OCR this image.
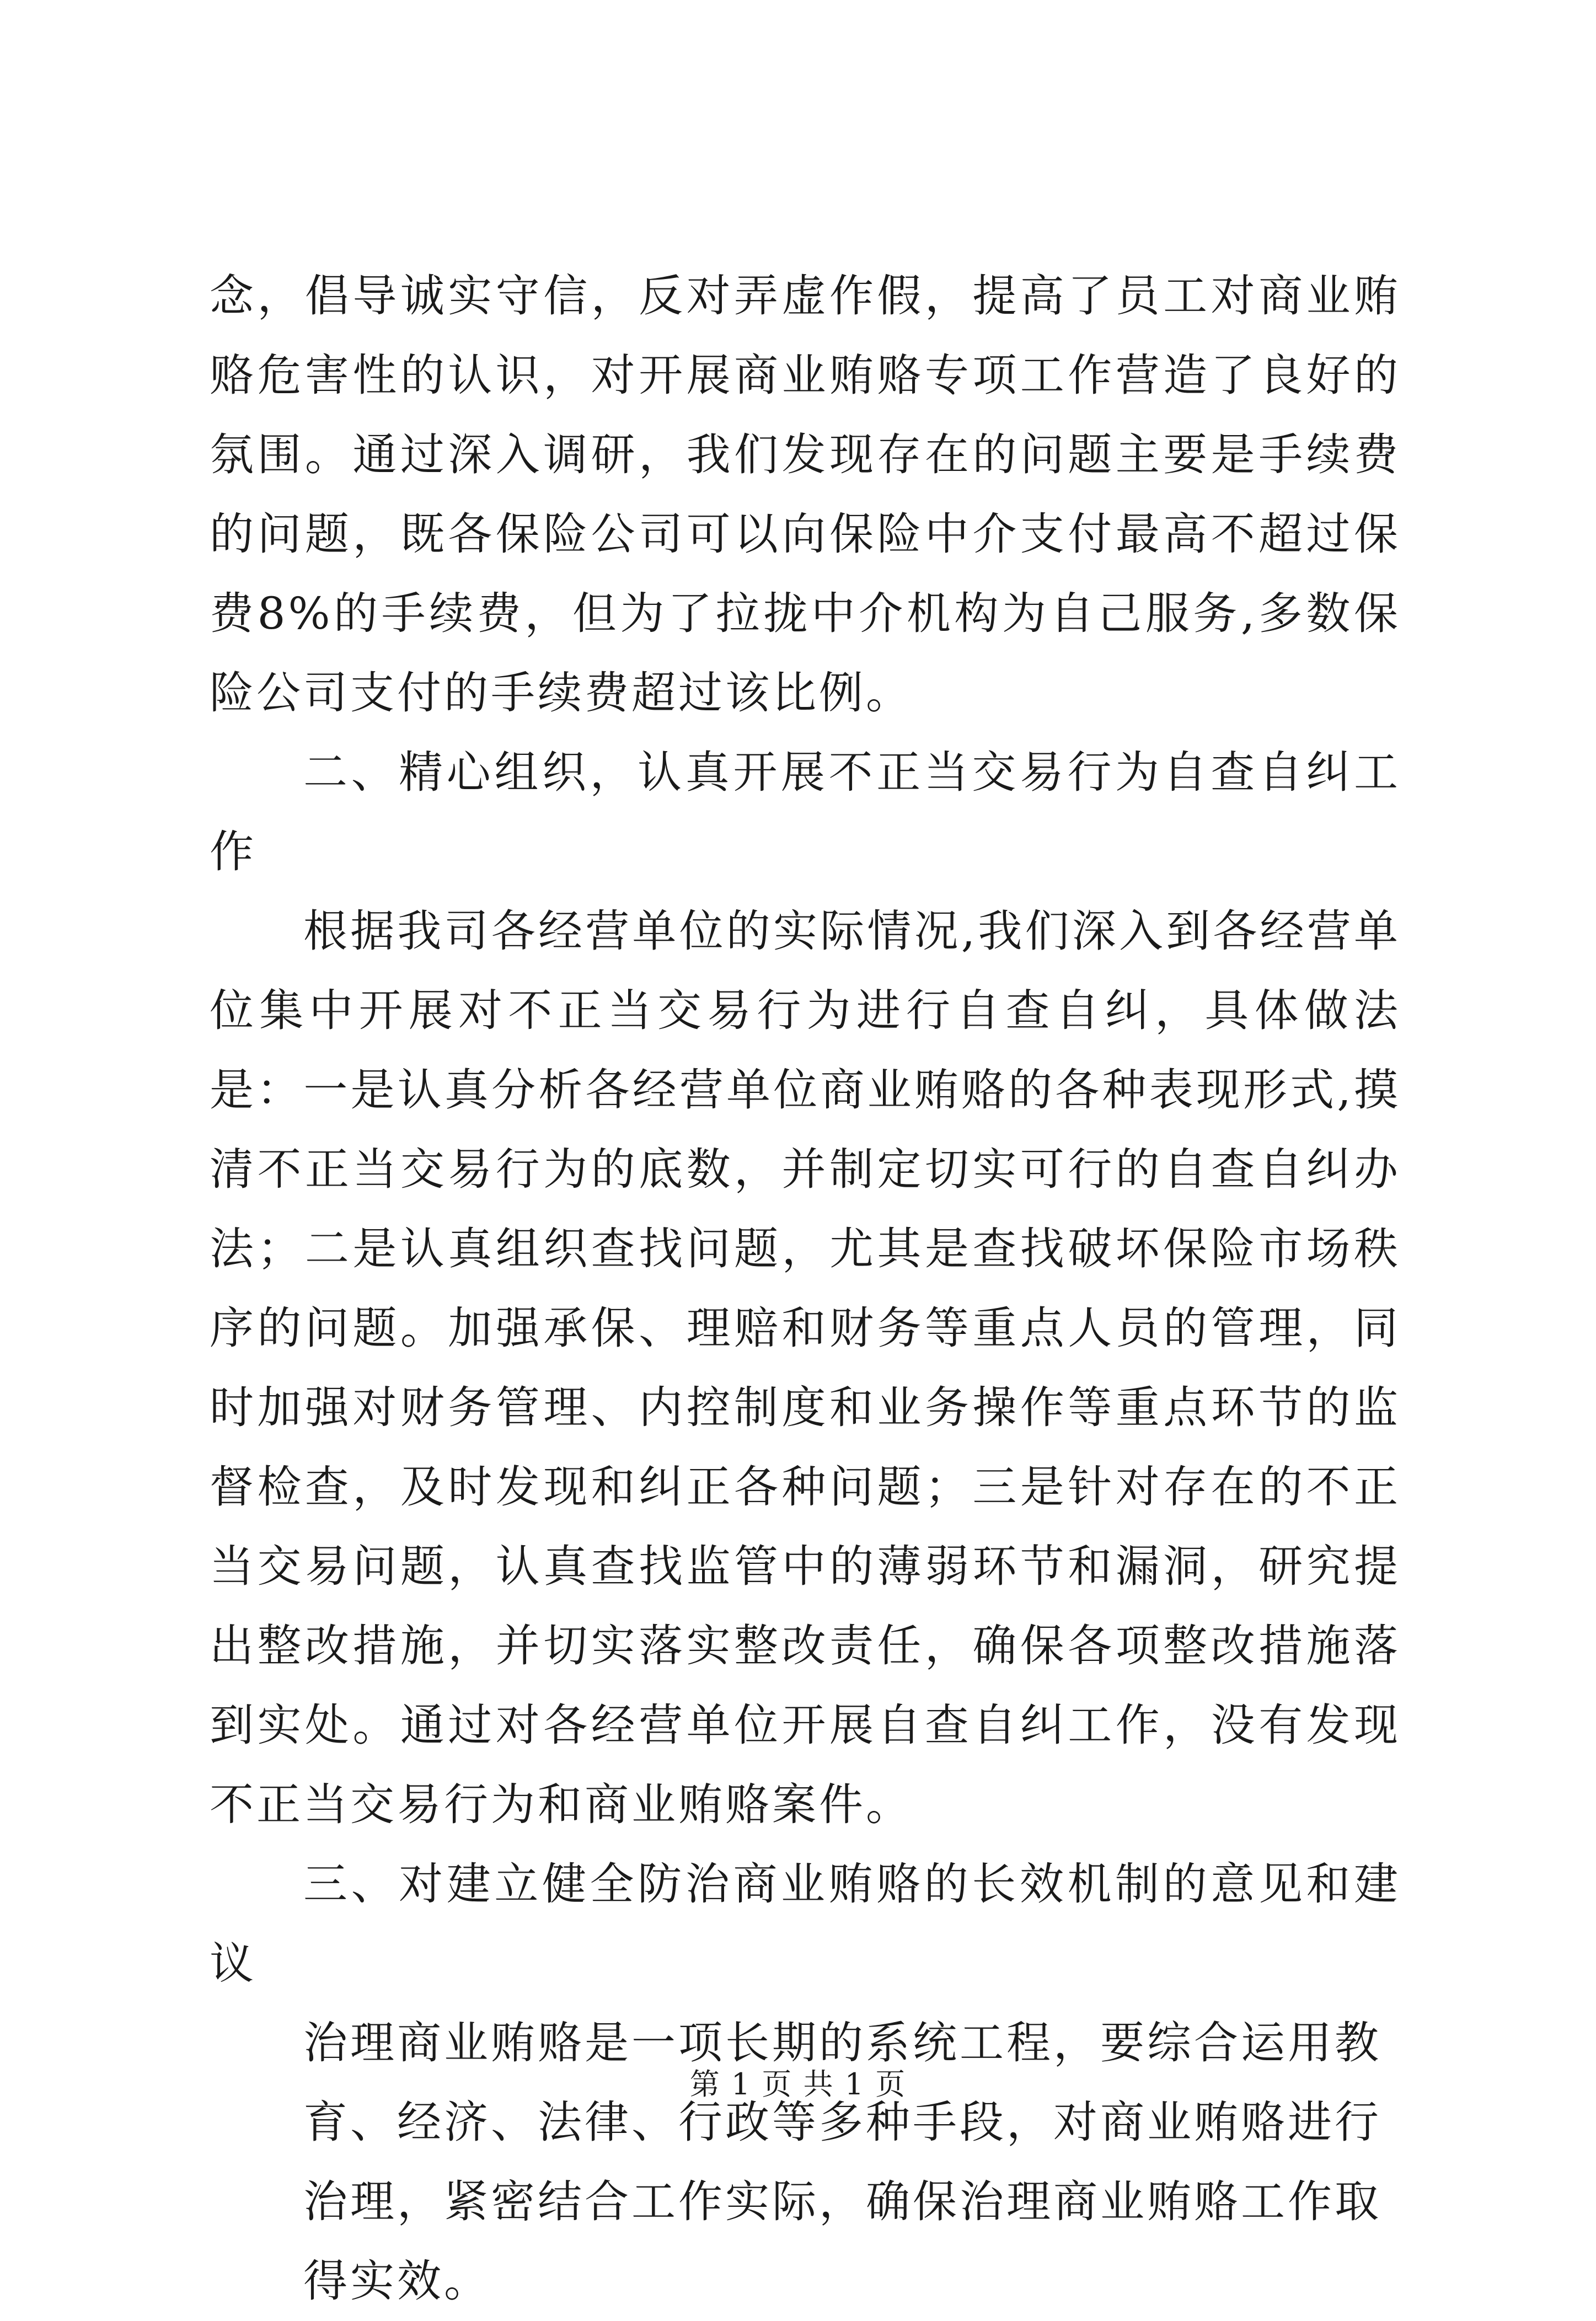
念，倡导诚实守信，反对弄虚作假，提高了员工对商业贿赂危害性的认识，对开展商业贿赂专项工作营造了良好的氛围。通过深入调研，我们发现存在的问题主要是手续费的问题，既各保险公司可以向保险中介支付最高不超过保费8%的手续费，但为了拉拢中介机构为自己服务,多数保险公司支付的手续费超过该比例。

二、精心组织，认真开展不正当交易行为自查自纠工作

根据我司各经营单位的实际情况,我们深入到各经营单位集中开展对不正当交易行为进行自查自纠，具体做法是：一是认真分析各经营单位商业贿赂的各种表现形式,摸清不正当交易行为的底数，并制定切实可行的自查自纠办法；二是认真组织查找问题，尤其是查找破坏保险市场秩序的问题。加强承保、理赔和财务等重点人员的管理，同时加强对财务管理、内控制度和业务操作等重点环节的监督检查，及时发现和纠正各种问题；三是针对存在的不正当交易问题，认真查找监管中的薄弱环节和漏洞，研究提出整改措施，并切实落实整改责任，确保各项整改措施落到实处。通过对各经营单位开展自查自纠工作，没有发现不正当交易行为和商业贿赂案件。

三、对建立健全防治商业贿赂的长效机制的意见和建议

治理商业贿赂是一项长期的系统工程，要综合运用教育、经济、法律、行政等多种手段，对商业贿赂进行治理，紧密结合工作实际，确保治理商业贿赂工作取得实效。

第 1 页 共 1 页
